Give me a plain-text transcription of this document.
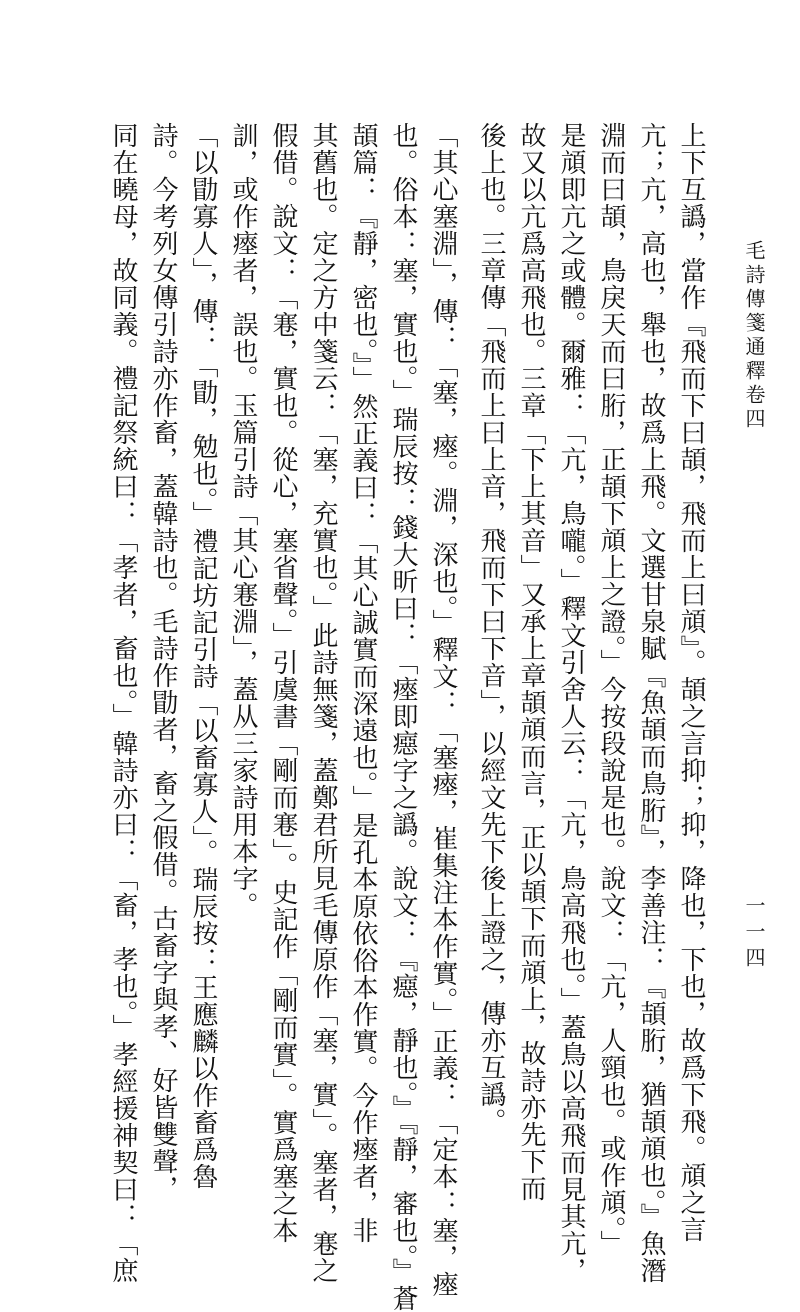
毛詩傳箋通釋卷四
一一四
上下互譌，當作『飛而下曰頡，飛而上曰頏』。頡之言抑；抑，降也，下也，故爲下飛。頏之言
亢；亢，高也，舉也，故爲上飛。文選甘泉賦『魚頡而鳥胻』，李善注：『頡胻，猶頡頏也。』魚潛
淵而曰頡，鳥戾天而曰胻，正頡下頏上之證。」今按段說是也。說文：「亢，人頸也。或作頏。」
是頏即亢之或體。爾雅：「亢，鳥嚨。」釋文引舍人云：「亢，鳥高飛也。」蓋鳥以高飛而見其亢，
故又以亢爲高飛也。三章「下上其音」又承上章頡頏而言，正以頡下而頏上，故詩亦先下而
後上也。三章傳「飛而上曰上音，飛而下曰下音」，以經文先下後上證之，傳亦互譌。
「其心塞淵」，傳：「塞，瘞。淵，深也。」釋文：「塞瘞，崔集注本作實。」正義：「定本：塞，瘞
也。俗本：塞，實也。」瑞辰按：錢大昕曰：「瘞即癋字之譌。說文：『癋，靜也。』『靜，審也。』蒼
頡篇：『靜，密也。』」然正義曰：「其心誠實而深遠也。」是孔本原依俗本作實。今作瘞者，非
其舊也。定之方中箋云：「塞，充實也。」此詩無箋，蓋鄭君所見毛傳原作「塞，實」。塞者，寋之
假借。說文：「寋，實也。從心，塞省聲。」引虞書「剛而寋」。史記作「剛而實」。實爲塞之本
訓，或作瘞者，誤也。玉篇引詩「其心寋淵」，蓋从三家詩用本字。
「以勖寡人」，傳：「勖，勉也。」禮記坊記引詩「以畜寡人」。瑞辰按：王應麟以作畜爲魯
詩。今考列女傳引詩亦作畜，蓋韓詩也。毛詩作勖者，畜之假借。古畜字與孝、好皆雙聲，
同在曉母，故同義。禮記祭統曰：「孝者，畜也。」韓詩亦曰：「畜，孝也。」孝經援神契曰：「庶
